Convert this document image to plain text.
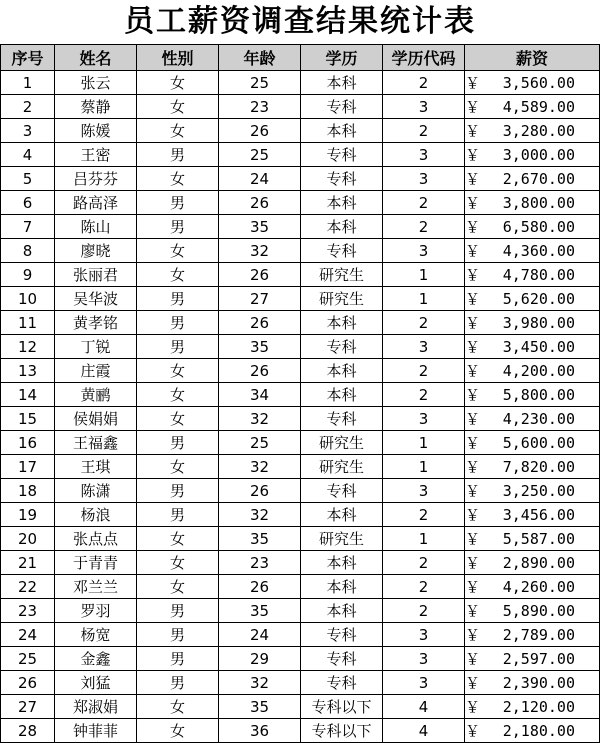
员工薪资调查结果统计表
序号	姓名	性别	年龄	学历	学历代码	薪资
1	张云	女	25	本科	2	￥ 3,560.00
2	蔡静	女	23	专科	3	￥ 4,589.00
3	陈媛	女	26	本科	2	￥ 3,280.00
4	王密	男	25	专科	3	￥ 3,000.00
5	吕芬芬	女	24	专科	3	￥ 2,670.00
6	路高泽	男	26	本科	2	￥ 3,800.00
7	陈山	男	35	本科	2	￥ 6,580.00
8	廖晓	女	32	专科	3	￥ 4,360.00
9	张丽君	女	26	研究生	1	￥ 4,780.00
10	吴华波	男	27	研究生	1	￥ 5,620.00
11	黄孝铭	男	26	本科	2	￥ 3,980.00
12	丁锐	男	35	专科	3	￥ 3,450.00
13	庄霞	女	26	本科	2	￥ 4,200.00
14	黄鹂	女	34	本科	2	￥ 5,800.00
15	侯娟娟	女	32	专科	3	￥ 4,230.00
16	王福鑫	男	25	研究生	1	￥ 5,600.00
17	王琪	女	32	研究生	1	￥ 7,820.00
18	陈潇	男	26	专科	3	￥ 3,250.00
19	杨浪	男	32	本科	2	￥ 3,456.00
20	张点点	女	35	研究生	1	￥ 5,587.00
21	于青青	女	23	本科	2	￥ 2,890.00
22	邓兰兰	女	26	本科	2	￥ 4,260.00
23	罗羽	男	35	本科	2	￥ 5,890.00
24	杨宽	男	24	专科	3	￥ 2,789.00
25	金鑫	男	29	专科	3	￥ 2,597.00
26	刘猛	男	32	专科	3	￥ 2,390.00
27	郑淑娟	女	35	专科以下	4	￥ 2,120.00
28	钟菲菲	女	36	专科以下	4	￥ 2,180.00
